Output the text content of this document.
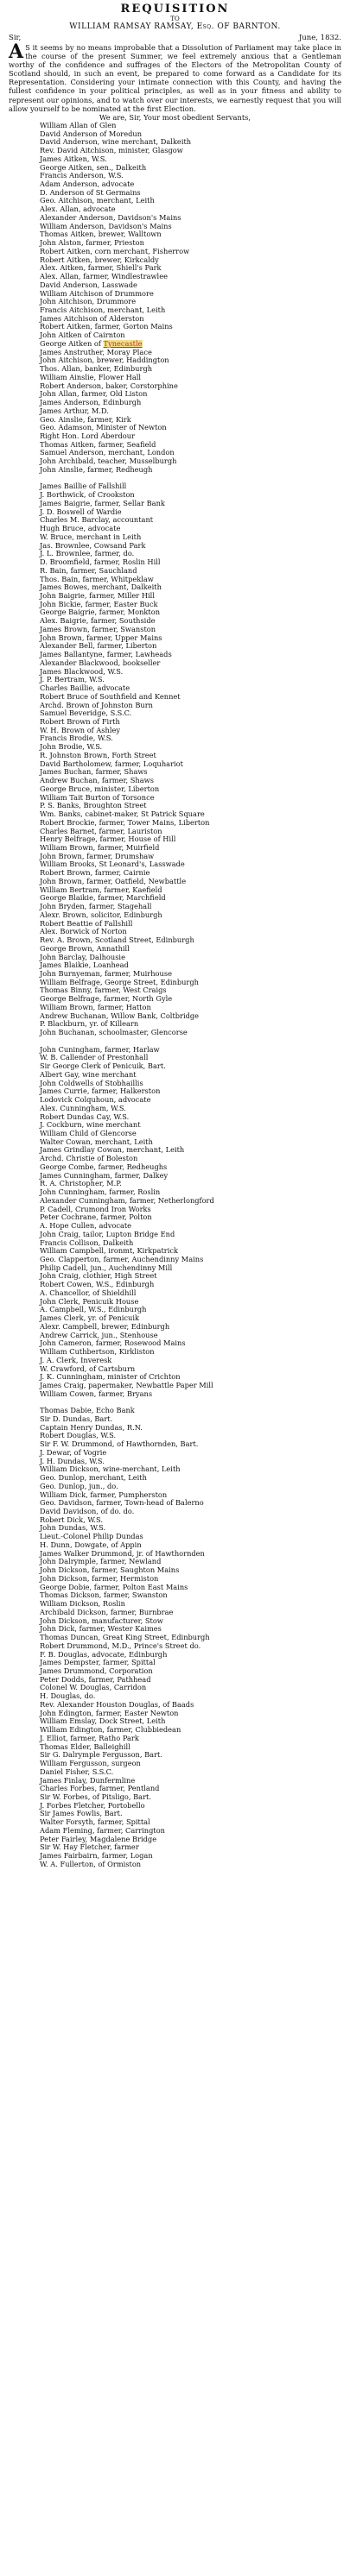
REQUISITION

TO

WILLIAM RAMSAY RAMSAY, Esq. OF BARNTON.

Sir,	June, 1832.

A S it seems by no means improbable that a Dissolution of Parliament may take place in the course of the present Summer, we feel extremely anxious that a Gentleman worthy of the confidence and suffrages of the Electors of the Metropolitan County of Scotland should, in such an event, be prepared to come forward as a Candidate for its Representation. Considering your intimate connection with this County, and having the fullest confidence in your political principles, as well as in your fitness and ability to represent our opinions, and to watch over our interests, we earnestly request that you will allow yourself to be nominated at the first Election.

We are, Sir, Your most obedient Servants,

William Allan of Glen
David Anderson of Moredun
David Anderson, wine merchant, Dalkeith
Rev. David Aitchison, minister, Glasgow
James Aitken, W.S.
George Aitken, sen., Dalkeith
Francis Anderson, W.S.
Adam Anderson, advocate
D. Anderson of St Germains
Geo. Aitchison, merchant, Leith
Alex. Allan, advocate
Alexander Anderson, Davidson's Mains
William Anderson, Davidson's Mains
Thomas Aitken, brewer, Walltown
John Alston, farmer, Prieston
Robert Aitken, corn merchant, Fisherrow
Robert Aitken, brewer, Kirkcaldy
Alex. Aitken, farmer, Shiell's Park
Alex. Allan, farmer, Windlestrawlee
David Anderson, Lasswade
William Aitchison of Drummore
John Aitchison, Drummore
Francis Aitchison, merchant, Leith
James Aitchison of Alderston
Robert Aitken, farmer, Gorton Mains
John Aitken of Cairnton
George Aitken of Tynecastle
James Anstruther, Moray Place
John Aitchison, brewer, Haddington
Thos. Allan, banker, Edinburgh
William Ainslie, Flower Hall
Robert Anderson, baker, Corstorphine
John Allan, farmer, Old Liston
James Anderson, Edinburgh
James Arthur, M.D.
Geo. Ainslie, farmer, Kirk
Geo. Adamson, Minister of Newton
Right Hon. Lord Aberdour
Thomas Aitken, farmer, Seafield
Samuel Anderson, merchant, London
John Archibald, teacher, Musselburgh
John Ainslie, farmer, Redheugh

James Baillie of Fallshill
J. Borthwick, of Crookston
James Baigrie, farmer, Sellar Bank
J. D. Boswell of Wardie
Charles M. Barclay, accountant
Hugh Bruce, advocate
W. Bruce, merchant in Leith
Jas. Brownlee, Cowsand Park
J. L. Brownlee, farmer, do.
D. Broomfield, farmer, Roslin Hill
R. Bain, farmer, Sauchland
Thos. Bain, farmer, Whitpeklaw
James Bowes, merchant, Dalkeith
John Baigrie, farmer, Miller Hill
John Bickie, farmer, Easter Buck
George Baigrie, farmer, Monkton
Alex. Baigrie, farmer, Southside
James Brown, farmer, Swanston
John Brown, farmer, Upper Mains
Alexander Bell, farmer, Liberton
James Ballantyne, farmer, Lawheads
Alexander Blackwood, bookseller
James Blackwood, W.S.
J. P. Bertram, W.S.
Charles Baillie, advocate
Robert Bruce of Southfield and Kennet
Archd. Brown of Johnston Burn
Samuel Beveridge, S.S.C.
Robert Brown of Firth
W. H. Brown of Ashley
Francis Brodie, W.S.
John Brodie, W.S.
R. Johnston Brown, Forth Street
David Bartholomew, farmer, Loquhariot
James Buchan, farmer, Shaws
Andrew Buchan, farmer, Shaws
George Bruce, minister, Liberton
William Tait Burton of Torsonce
P. S. Banks, Broughton Street
Wm. Banks, cabinet-maker, St Patrick Square
Robert Brockie, farmer, Tower Mains, Liberton
Charles Barnet, farmer, Lauriston
Henry Belfrage, farmer, House of Hill
William Brown, farmer, Muirfield
John Brown, farmer, Drumshaw
William Brooks, St Leonard's, Lasswade
Robert Brown, farmer, Cairnie
John Brown, farmer, Oatfield, Newbattle
William Bertram, farmer, Kaefield
George Blaikie, farmer, Marchfield
John Bryden, farmer, Stagehall
Alexr. Brown, solicitor, Edinburgh
Robert Beattie of Fallshill
Alex. Borwick of Norton
Rev. A. Brown, Scotland Street, Edinburgh
George Brown, Annathill
John Barclay, Dalhousie
James Blaikie, Loanhead
John Burnyeman, farmer, Muirhouse
William Belfrage, George Street, Edinburgh
Thomas Binny, farmer, West Craigs
George Belfrage, farmer, North Gyle
William Brown, farmer, Hatton
Andrew Buchanan, Willow Bank, Coltbridge
P. Blackburn, yr. of Killearn
John Buchanan, schoolmaster, Glencorse

John Cuningham, farmer, Harlaw
W. B. Callender of Prestonhall
Sir George Clerk of Penicuik, Bart.
Albert Gay, wine merchant
John Coldwells of Stobhaillis
James Currie, farmer, Halkerston
Lodovick Colquhoun, advocate
Alex. Cunningham, W.S.
Robert Dundas Cay, W.S.
J. Cockburn, wine merchant
William Child of Glencorse
Walter Cowan, merchant, Leith
James Grindlay Cowan, merchant, Leith
Archd. Christie of Boleston
George Combe, farmer, Redheughs
James Cunningham, farmer, Dalkey
R. A. Christopher, M.P.
John Cunningham, farmer, Roslin
Alexander Cunningham, farmer, Netherlongford
P. Cadell, Crumond Iron Works
Peter Cochrane, farmer, Polton
A. Hope Cullen, advocate
John Craig, tailor, Lupton Bridge End
Francis Collison, Dalkeith
William Campbell, ironmt, Kirkpatrick
Geo. Clapperton, farmer, Auchendinny Mains
Philip Cadell, jun., Auchendinny Mill
John Craig, clothier, High Street
Robert Cowen, W.S., Edinburgh
A. Chancellor, of Shieldhill
John Clerk, Penicuik House
A. Campbell, W.S., Edinburgh
James Clerk, yr. of Penicuik
Alexr. Campbell, brewer, Edinburgh
Andrew Carrick, jun., Stenhouse
John Cameron, farmer, Rosewood Mains
William Cuthbertson, Kirkliston
J. A. Clerk, Inveresk
W. Crawford, of Cartsburn
J. K. Cunningham, minister of Crichton
James Craig, papermaker, Newbattle Paper Mill
William Cowen, farmer, Bryans

Thomas Dabie, Echo Bank
Sir D. Dundas, Bart.
Captain Henry Dundas, R.N.
Robert Douglas, W.S.
Sir F. W. Drummond, of Hawthornden, Bart.
J. Dewar, of Vogrie
J. H. Dundas, W.S.
William Dickson, wine-merchant, Leith
Geo. Dunlop, merchant, Leith
Geo. Dunlop, jun., do.
William Dick, farmer, Pumpherston
Geo. Davidson, farmer, Town-head of Balerno
David Davidson, of do. do.
Robert Dick, W.S.
John Dundas, W.S.
Lieut.-Colonel Philip Dundas
H. Dunn, Dowgate, of Appin
James Walker Drummond, jr. of Hawthornden
John Dalrymple, farmer, Newland
John Dickson, farmer, Saughton Mains
John Dickson, farmer, Hermiston
George Dobie, farmer, Polton East Mains
Thomas Dickson, farmer, Swanston
William Dickson, Roslin
Archibald Dickson, farmer, Burnbrae
John Dickson, manufacturer, Stow
John Dick, farmer, Wester Kaimes
Thomas Duncan, Great King Street, Edinburgh
Robert Drummond, M.D., Prince's Street do.
F. B. Douglas, advocate, Edinburgh
James Dempster, farmer, Spittal
James Drummond, Corporation
Peter Dodds, farmer, Pathhead
Colonel W. Douglas, Carridon
H. Douglas, do.
Rev. Alexander Houston Douglas, of Baads
John Edington, farmer, Easter Newton
William Emslay, Dock Street, Leith
William Edington, farmer, Clubbiedean
J. Elliot, farmer, Ratho Park
Thomas Elder, Balleighill
Sir G. Dalrymple Fergusson, Bart.
William Fergusson, surgeon
Daniel Fisher, S.S.C.
James Finlay, Dunfermline
Charles Forbes, farmer, Pentland
Sir W. Forbes, of Pitsligo, Bart.
J. Forbes Fletcher, Portobello
Sir James Fowlis, Bart.
Walter Forsyth, farmer, Spittal
Adam Fleming, farmer, Carrington
Peter Fairley, Magdalene Bridge
Sir W. Hay Fletcher, farmer
James Fairbairn, farmer, Logan
W. A. Fullerton, of Ormiston
